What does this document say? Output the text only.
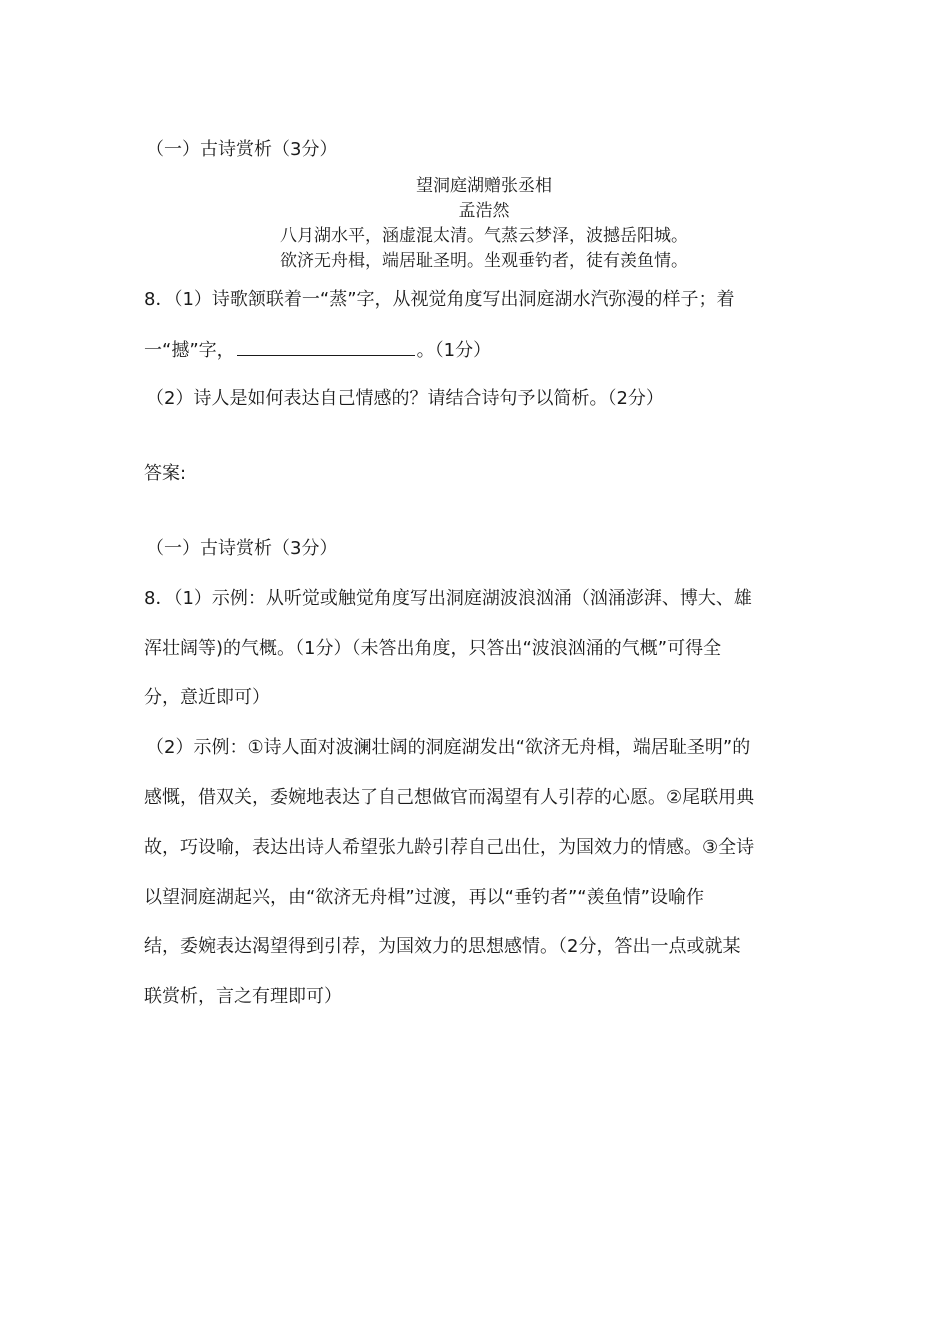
（一）古诗赏析（3分）
望洞庭湖赠张丞相
孟浩然
八月湖水平，涵虚混太清。气蒸云梦泽，波撼岳阳城。
欲济无舟楫，端居耻圣明。坐观垂钓者，徒有羡鱼情。
8．（1）诗歌颔联着一“蒸”字，从视觉角度写出洞庭湖水汽弥漫的样子；着
一“撼”字，	。（1分）
（2）诗人是如何表达自己情感的？请结合诗句予以简析。（2分）
答案:
（一）古诗赏析（3分）
8．（1）示例：从听觉或触觉角度写出洞庭湖波浪汹涌（汹涌澎湃、博大、雄
浑壮阔等)的气概。（1分）（未答出角度，只答出“波浪汹涌的气概”可得全
分，意近即可）
（2）示例：①诗人面对波澜壮阔的洞庭湖发出“欲济无舟楫，端居耻圣明”的
感慨，借双关，委婉地表达了自己想做官而渴望有人引荐的心愿。②尾联用典
故，巧设喻，表达出诗人希望张九龄引荐自己出仕，为国效力的情感。③全诗
以望洞庭湖起兴，由“欲济无舟楫”过渡，再以“垂钓者”“羡鱼情”设喻作
结，委婉表达渴望得到引荐，为国效力的思想感情。（2分，答出一点或就某
联赏析，言之有理即可）
